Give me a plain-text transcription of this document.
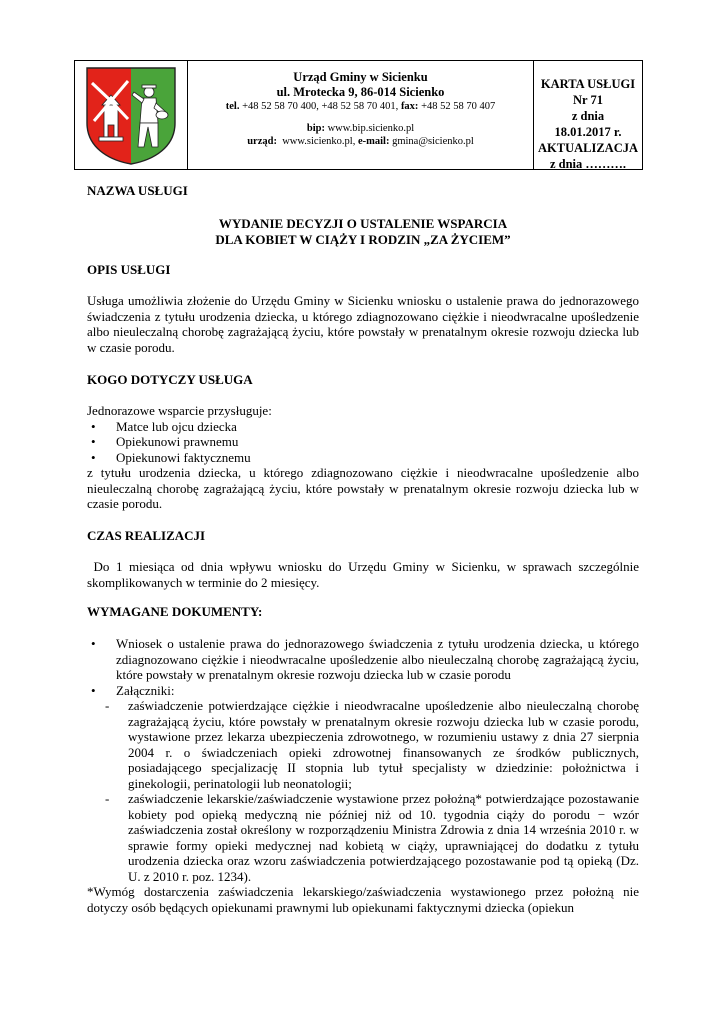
Urząd Gminy w Sicienku
ul. Mrotecka 9, 86-014 Sicienko
tel. +48 52 58 70 400, +48 52 58 70 401, fax: +48 52 58 70 407
bip: www.bip.sicienko.pl
urząd: www.sicienko.pl, e-mail: gmina@sicienko.pl
KARTA USŁUGI
Nr 71
z dnia
18.01.2017 r.
AKTUALIZACJA
z dnia ……….
NAZWA USŁUGI
WYDANIE DECYZJI O USTALENIE WSPARCIA
DLA KOBIET W CIĄŻY I RODZIN „ZA ŻYCIEM”
OPIS USŁUGI

Usługa umożliwia złożenie do Urzędu Gminy w Sicienku wniosku o ustalenie prawa do jednorazowego świadczenia z tytułu urodzenia dziecka, u którego zdiagnozowano ciężkie i nieodwracalne upośledzenie albo nieuleczalną chorobę zagrażającą życiu, które powstały w prenatalnym okresie rozwoju dziecka lub w czasie porodu.

KOGO DOTYCZY USŁUGA
Jednorazowe wsparcie przysługuje:
• Matce lub ojcu dziecka
• Opiekunowi prawnemu
• Opiekunowi faktycznemu

z tytułu urodzenia dziecka, u którego zdiagnozowano ciężkie i nieodwracalne upośledzenie albo nieuleczalną chorobę zagrażającą życiu, które powstały w prenatalnym okresie rozwoju dziecka lub w czasie porodu.

CZAS REALIZACJI

Do 1 miesiąca od dnia wpływu wniosku do Urzędu Gminy w Sicienku, w sprawach szczególnie skomplikowanych w terminie do 2 miesięcy.

WYMAGANE DOKUMENTY:
• Wniosek o ustalenie prawa do jednorazowego świadczenia z tytułu urodzenia dziecka, u którego zdiagnozowano ciężkie i nieodwracalne upośledzenie albo nieuleczalną chorobę zagrażającą życiu, które powstały w prenatalnym okresie rozwoju dziecka lub w czasie porodu
• Załączniki:
- zaświadczenie potwierdzające ciężkie i nieodwracalne upośledzenie albo nieuleczalną chorobę zagrażającą życiu, które powstały w prenatalnym okresie rozwoju dziecka lub w czasie porodu, wystawione przez lekarza ubezpieczenia zdrowotnego, w rozumieniu ustawy z dnia 27 sierpnia 2004 r. o świadczeniach opieki zdrowotnej finansowanych ze środków publicznych, posiadającego specjalizację II stopnia lub tytuł specjalisty w dziedzinie: położnictwa i ginekologii, perinatologii lub neonatologii;
- zaświadczenie lekarskie/zaświadczenie wystawione przez położną* potwierdzające pozostawanie kobiety pod opieką medyczną nie później niż od 10. tygodnia ciąży do porodu − wzór zaświadczenia został określony w rozporządzeniu Ministra Zdrowia z dnia 14 września 2010 r. w sprawie formy opieki medycznej nad kobietą w ciąży, uprawniającej do dodatku z tytułu urodzenia dziecka oraz wzoru zaświadczenia potwierdzającego pozostawanie pod tą opieką (Dz. U. z 2010 r. poz. 1234).

*Wymóg dostarczenia zaświadczenia lekarskiego/zaświadczenia wystawionego przez położną nie dotyczy osób będących opiekunami prawnymi lub opiekunami faktycznymi dziecka (opiekun
